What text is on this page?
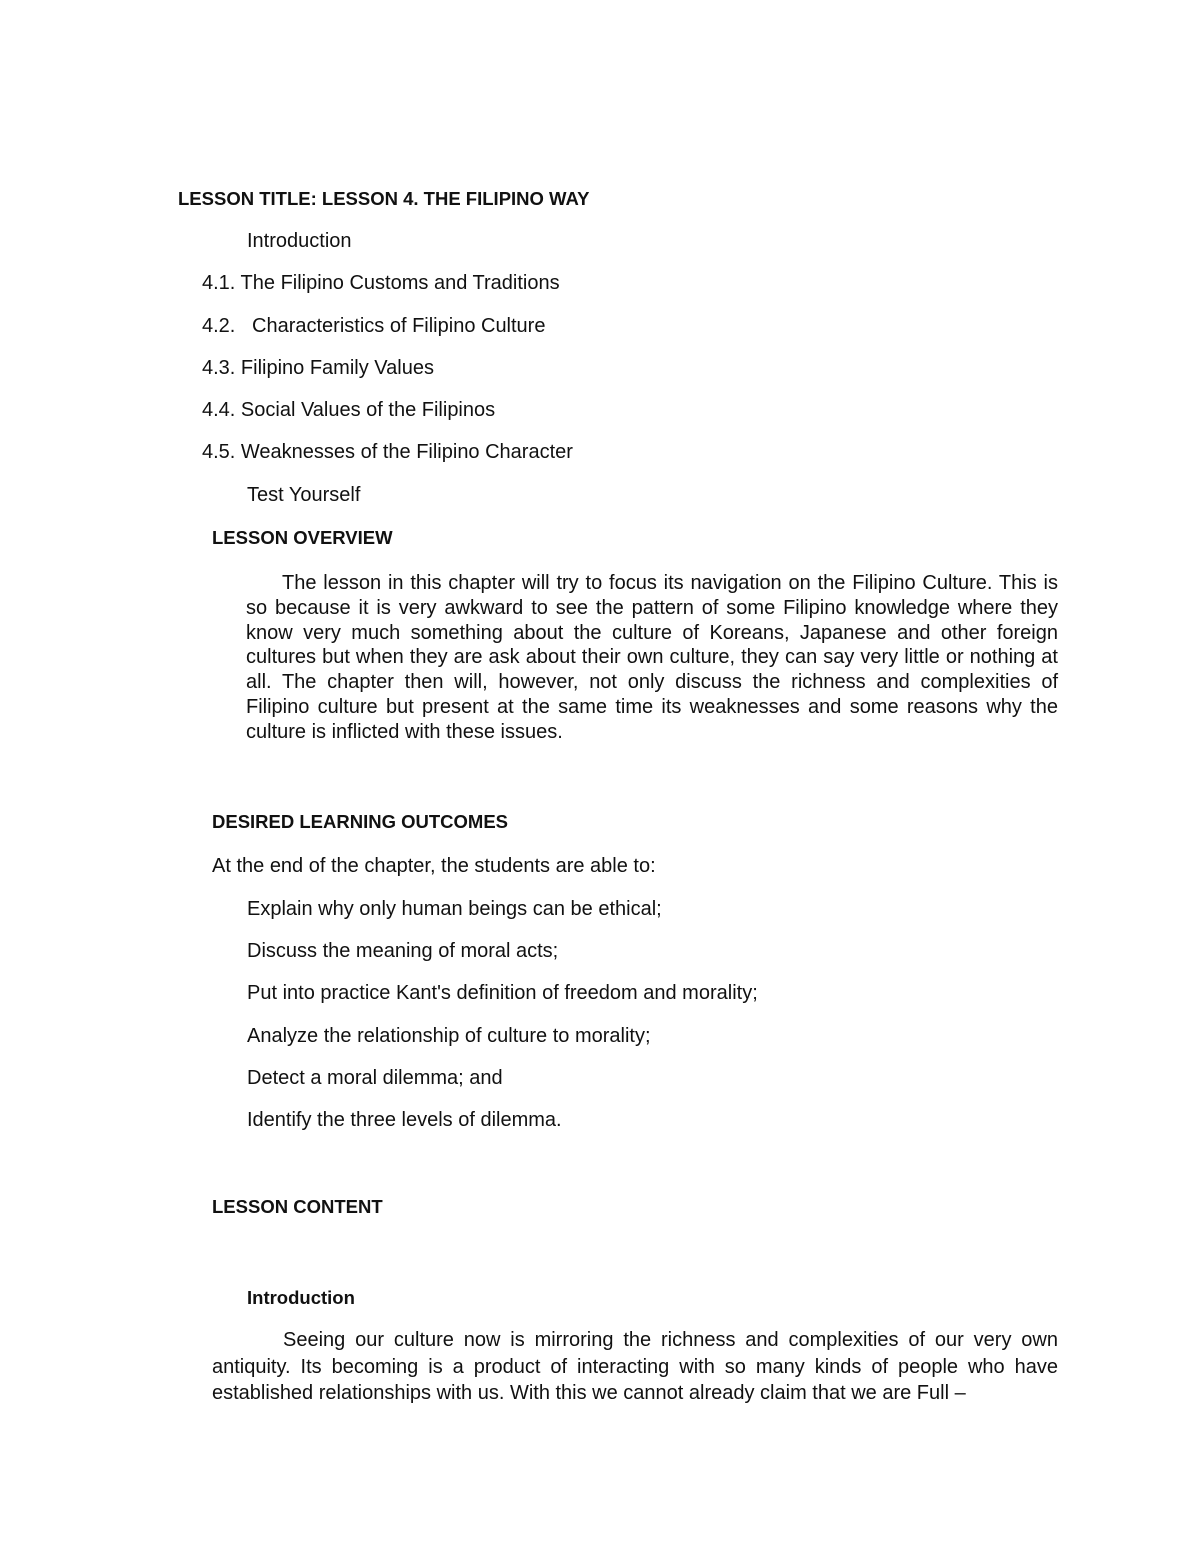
LESSON TITLE: LESSON 4. THE FILIPINO WAY
Introduction
4.1. The Filipino Customs and Traditions
4.2.   Characteristics of Filipino Culture
4.3. Filipino Family Values
4.4. Social Values of the Filipinos
4.5. Weaknesses of the Filipino Character
Test Yourself
LESSON OVERVIEW
The lesson in this chapter will try to focus its navigation on the Filipino Culture. This is so because it is very awkward to see the pattern of some Filipino knowledge where they know very much something about the culture of Koreans, Japanese and other foreign cultures but when they are ask about their own culture, they can say very little or nothing at all. The chapter then will, however, not only discuss the richness and complexities of Filipino culture but present at the same time its weaknesses and some reasons why the culture is inflicted with these issues.
DESIRED LEARNING OUTCOMES
At the end of the chapter, the students are able to:
Explain why only human beings can be ethical;
Discuss the meaning of moral acts;
Put into practice Kant's definition of freedom and morality;
Analyze the relationship of culture to morality;
Detect a moral dilemma; and
Identify the three levels of dilemma.
LESSON CONTENT
Introduction
Seeing our culture now is mirroring the richness and complexities of our very own antiquity. Its becoming is a product of interacting with so many kinds of people who have established relationships with us. With this we cannot already claim that we are Full –
